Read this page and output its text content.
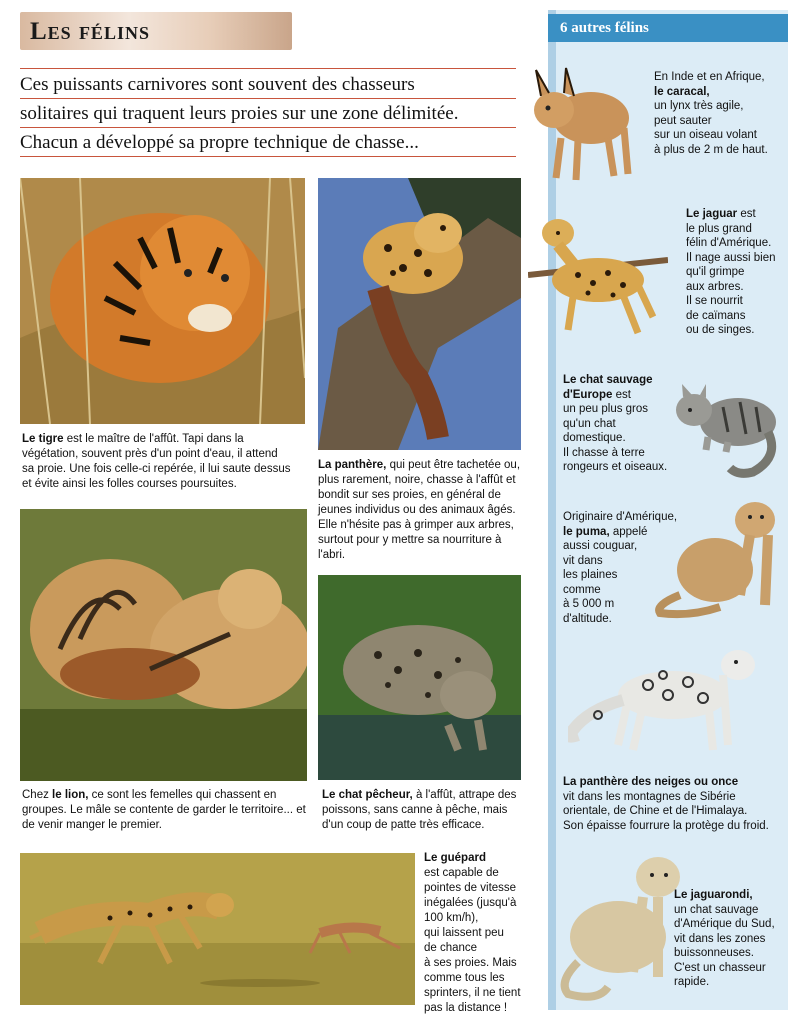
Les félins
Ces puissants carnivores sont souvent des chasseurs
solitaires qui traquent leurs proies sur une zone délimitée.
Chacun a développé sa propre technique de chasse...
Le tigre est le maître de l'affût. Tapi dans la végétation, souvent près d'un point d'eau, il attend sa proie. Une fois celle-ci repérée, il lui saute dessus et évite ainsi les folles courses poursuites.
La panthère, qui peut être tachetée ou, plus rarement, noire, chasse à l'affût et bondit sur ses proies, en général de jeunes individus ou des animaux âgés. Elle n'hésite pas à grimper aux arbres, surtout pour y mettre sa nourriture à l'abri.
Chez le lion, ce sont les femelles qui chassent en groupes. Le mâle se contente de garder le territoire... et de venir manger le premier.
Le chat pêcheur, à l'affût, attrape des poissons, sans canne à pêche, mais d'un coup de patte très efficace.
Le guépard
est capable de
pointes de vitesse
inégalées (jusqu'à
100 km/h),
qui laissent peu
de chance
à ses proies. Mais
comme tous les
sprinters, il ne tient
pas la distance !
6 autres félins
En Inde et en Afrique,
le caracal,
un lynx très agile,
peut sauter
sur un oiseau volant
à plus de 2 m de haut.
Le jaguar est
le plus grand
félin d'Amérique.
Il nage aussi bien
qu'il grimpe
aux arbres.
Il se nourrit
de caïmans
ou de singes.
Le chat sauvage
d'Europe est
un peu plus gros
qu'un chat
domestique.
Il chasse à terre
rongeurs et oiseaux.
Originaire d'Amérique,
le puma, appelé
aussi couguar,
vit dans
les plaines
comme
à 5 000 m
d'altitude.
La panthère des neiges ou once
vit dans les montagnes de Sibérie
orientale, de Chine et de l'Himalaya.
Son épaisse fourrure la protège du froid.
Le jaguarondi,
un chat sauvage
d'Amérique du Sud,
vit dans les zones
buissonneuses.
C'est un chasseur
rapide.
